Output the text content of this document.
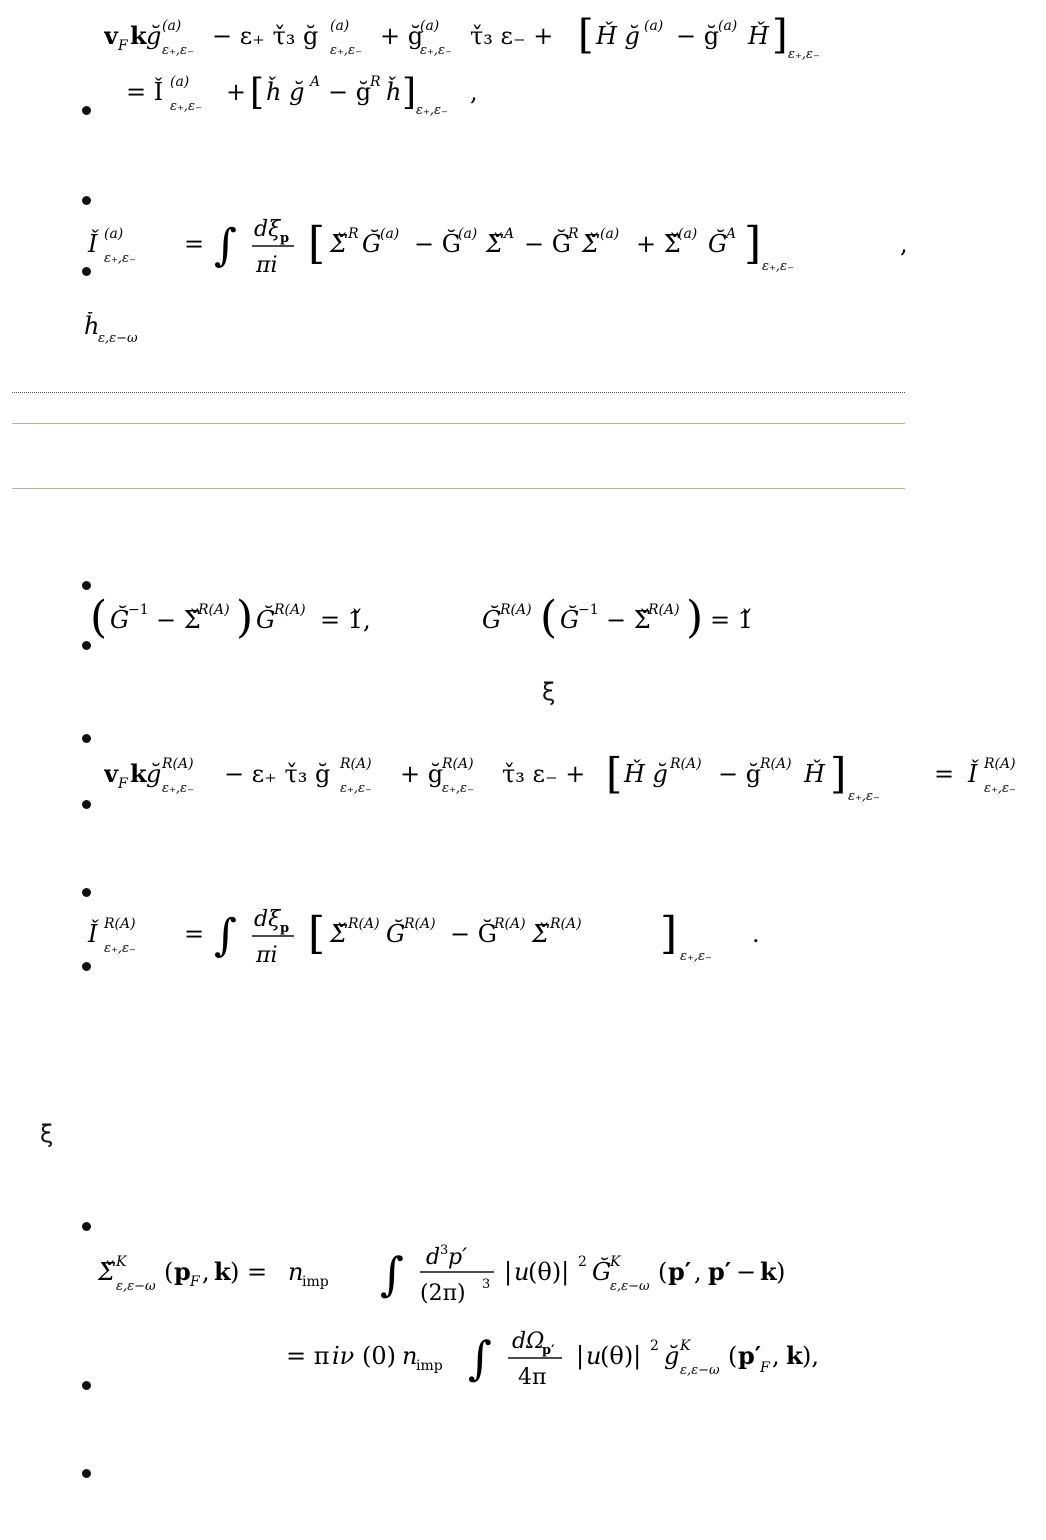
v F k ğ (a)
ε₊,ε₋
− ε₊ τ̌₃ ğ (a)
ε₊,ε₋
+ ğ
(a)
ε₊,ε₋
τ̌₃ ε₋ + [ Ȟ ğ (a) − ğ
(a) Ȟ ] ε₊,ε₋
= Ǐ (a)
ε₊,ε₋
+ [ ȟ ğ A − ğ
R ȟ ] ε₊,ε₋
,
Ǐ (a)
ε₊,ε₋
= ∫ dξ p
πi [ Σ̌ R Ğ
(a) − Ğ
(a) Σ̌ A − Ğ
R Σ̌ (a) + Σ̌
(a) Ğ
A ] ε₊,ε₋
,
ȟ
ε,ε−ω
( Ğ
−1 − Σ̌
R(A) ) Ğ
R(A) = 1̌,	Ğ
R(A) ( Ğ
−1 − Σ̌
R(A) ) = 1̌
ξ
v F k ğ R(A)
ε₊,ε₋
− ε₊ τ̌₃ ğ R(A)
ε₊,ε₋
+ ğ
R(A)
ε₊,ε₋
τ̌₃ ε₋ + [ Ȟ ğ R(A) − ğ
R(A) Ȟ ] ε₊,ε₋
= Ǐ R(A)
ε₊,ε₋
Ǐ R(A)
ε₊,ε₋
= ∫ dξ p
πi [ Σ̌ R(A) Ğ
R(A) − Ğ
R(A) Σ̌ R(A) ] ε₊,ε₋
.
ξ
Σ̌ K
ε,ε−ω
( p F , k ) = n
imp ∫ d 3 p′
(2π) 3 | u
(θ)| 2 Ğ
K
ε,ε−ω
( p′ , p′ − k )
= π iν (0) n
imp ∫ dΩ
p′
4π
| u
(θ)| 2 ğ K
ε,ε−ω
( p′
F , k ),
